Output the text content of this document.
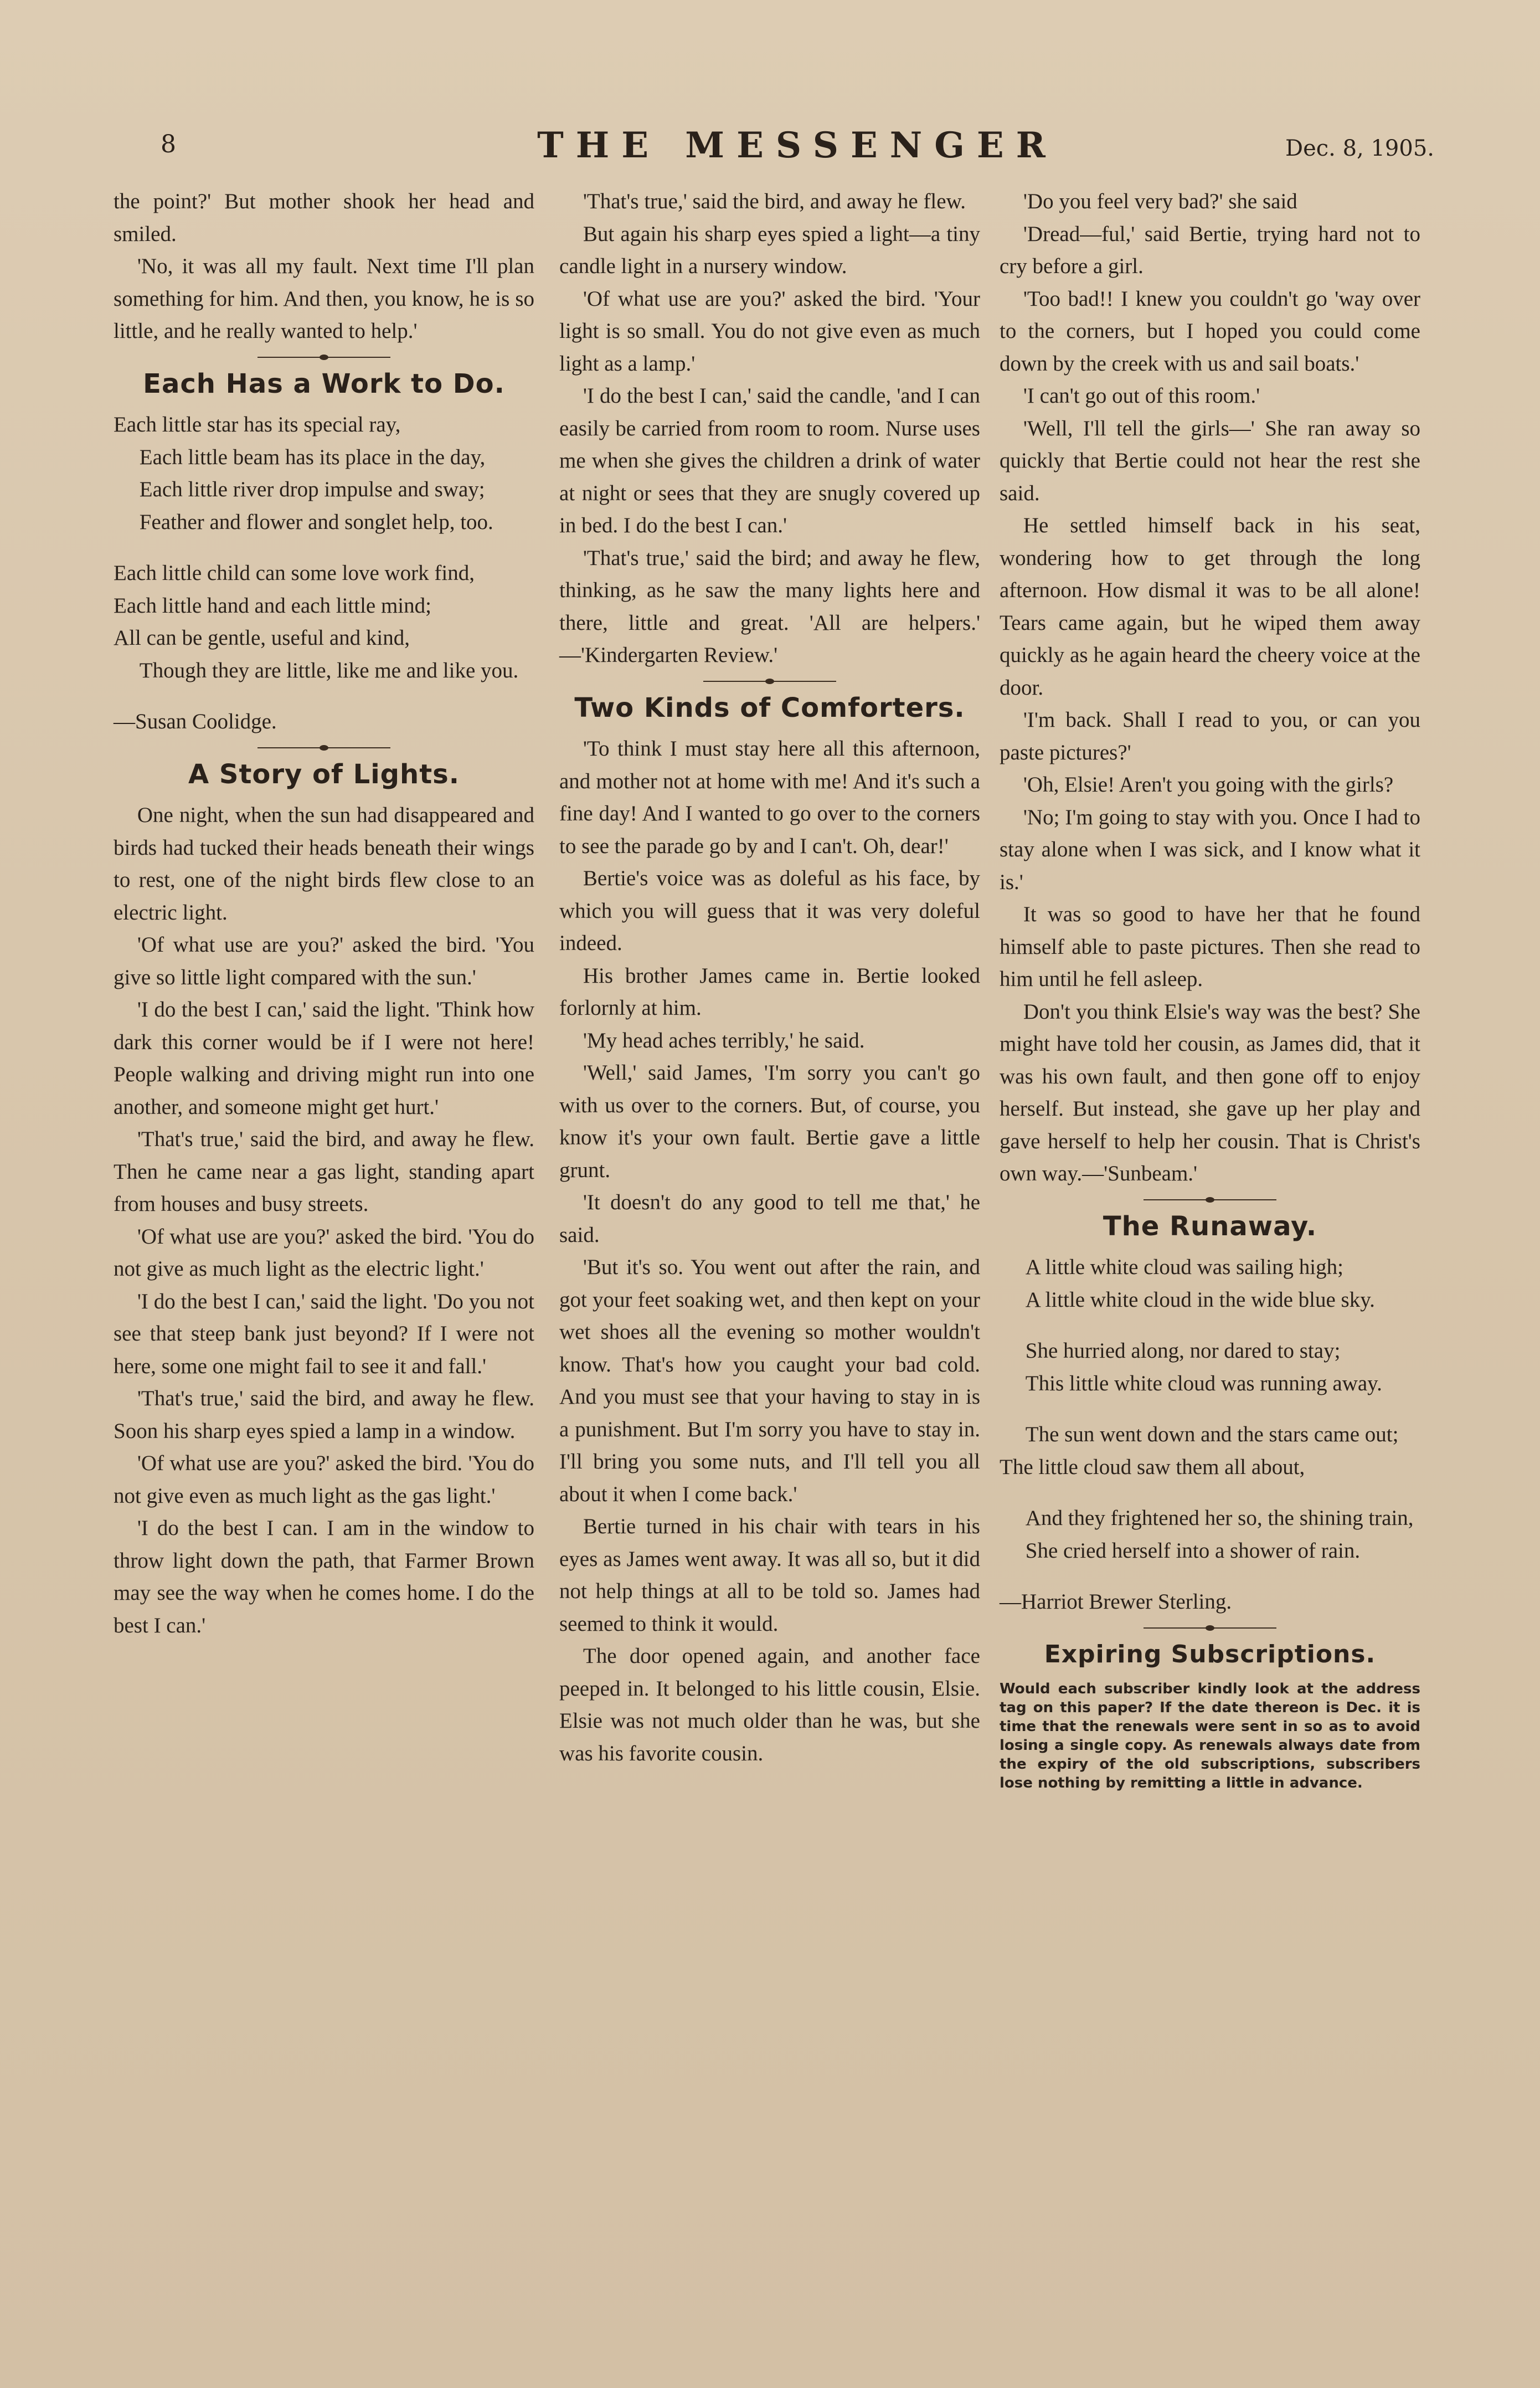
8	THE MESSENGER	Dec. 8, 1905.

the point?' But mother shook her head and smiled.

'No, it was all my fault. Next time I'll plan something for him. And then, you know, he is so little, and he really wanted to help.'

Each Has a Work to Do.
Each little star has its special ray,
Each little beam has its place in the day,
Each little river drop impulse and sway;
Feather and flower and songlet help, too.
Each little child can some love work find,
Each little hand and each little mind;
All can be gentle, useful and kind,
Though they are little, like me and like you.
—Susan Coolidge.
A Story of Lights.

One night, when the sun had disappeared and birds had tucked their heads beneath their wings to rest, one of the night birds flew close to an electric light.

'Of what use are you?' asked the bird. 'You give so little light compared with the sun.'

'I do the best I can,' said the light. 'Think how dark this corner would be if I were not here! People walking and driving might run into one another, and someone might get hurt.'

'That's true,' said the bird, and away he flew. Then he came near a gas light, standing apart from houses and busy streets.

'Of what use are you?' asked the bird. 'You do not give as much light as the electric light.'

'I do the best I can,' said the light. 'Do you not see that steep bank just beyond? If I were not here, some one might fail to see it and fall.'

'That's true,' said the bird, and away he flew. Soon his sharp eyes spied a lamp in a window.

'Of what use are you?' asked the bird. 'You do not give even as much light as the gas light.'

'I do the best I can. I am in the window to throw light down the path, that Farmer Brown may see the way when he comes home. I do the best I can.'

'That's true,' said the bird, and away he flew.

But again his sharp eyes spied a light—a tiny candle light in a nursery window.

'Of what use are you?' asked the bird. 'Your light is so small. You do not give even as much light as a lamp.'

'I do the best I can,' said the candle, 'and I can easily be carried from room to room. Nurse uses me when she gives the children a drink of water at night or sees that they are snugly covered up in bed. I do the best I can.'

'That's true,' said the bird; and away he flew, thinking, as he saw the many lights here and there, little and great. 'All are helpers.' —'Kindergarten Review.'

Two Kinds of Comforters.

'To think I must stay here all this afternoon, and mother not at home with me! And it's such a fine day! And I wanted to go over to the corners to see the parade go by and I can't. Oh, dear!'

Bertie's voice was as doleful as his face, by which you will guess that it was very doleful indeed.

His brother James came in. Bertie looked forlornly at him.

'My head aches terribly,' he said.

'Well,' said James, 'I'm sorry you can't go with us over to the corners. But, of course, you know it's your own fault. Bertie gave a little grunt.

'It doesn't do any good to tell me that,' he said.

'But it's so. You went out after the rain, and got your feet soaking wet, and then kept on your wet shoes all the evening so mother wouldn't know. That's how you caught your bad cold. And you must see that your having to stay in is a punishment. But I'm sorry you have to stay in. I'll bring you some nuts, and I'll tell you all about it when I come back.'

Bertie turned in his chair with tears in his eyes as James went away. It was all so, but it did not help things at all to be told so. James had seemed to think it would.

The door opened again, and another face peeped in. It belonged to his little cousin, Elsie. Elsie was not much older than he was, but she was his favorite cousin.

'Do you feel very bad?' she said

'Dread—ful,' said Bertie, trying hard not to cry before a girl.

'Too bad!! I knew you couldn't go 'way over to the corners, but I hoped you could come down by the creek with us and sail boats.'

'I can't go out of this room.'

'Well, I'll tell the girls—' She ran away so quickly that Bertie could not hear the rest she said.

He settled himself back in his seat, wondering how to get through the long afternoon. How dismal it was to be all alone! Tears came again, but he wiped them away quickly as he again heard the cheery voice at the door.

'I'm back. Shall I read to you, or can you paste pictures?'

'Oh, Elsie! Aren't you going with the girls?

'No; I'm going to stay with you. Once I had to stay alone when I was sick, and I know what it is.'

It was so good to have her that he found himself able to paste pictures. Then she read to him until he fell asleep.

Don't you think Elsie's way was the best? She might have told her cousin, as James did, that it was his own fault, and then gone off to enjoy herself. But instead, she gave up her play and gave herself to help her cousin. That is Christ's own way.—'Sunbeam.'

The Runaway.
A little white cloud was sailing high;
A little white cloud in the wide blue sky.
She hurried along, nor dared to stay;
This little white cloud was running away.
The sun went down and the stars came out;
The little cloud saw them all about,
And they frightened her so, the shining train,
She cried herself into a shower of rain.
—Harriot Brewer Sterling.
Expiring Subscriptions.
Would each subscriber kindly look at the address tag on this paper? If the date thereon is Dec. it is time that the renewals were sent in so as to avoid losing a single copy. As renewals always date from the expiry of the old subscriptions, subscribers lose nothing by remitting a little in advance.
